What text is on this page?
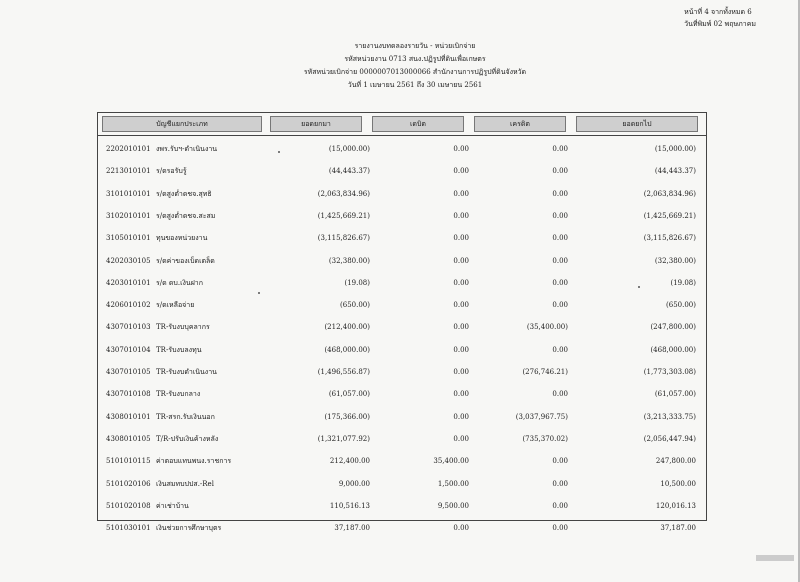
หน้าที่ 4 จากทั้งหมด 6
วันที่พิมพ์ 02 พฤษภาคม
รายงานงบทดลองรายวัน - หน่วยเบิกจ่าย
รหัสหน่วยงาน 0713 สนง.ปฏิรูปที่ดินเพื่อเกษตร
รหัสหน่วยเบิกจ่าย 0000007013000066 สำนักงานการปฏิรูปที่ดินจังหวัด
วันที่ 1 เมษายน 2561 ถึง 30 เมษายน 2561
บัญชีแยกประเภท	ยอดยกมา	เดบิต	เครดิต	ยอดยกไป
2202010101 งพร.รับฯ-ดำเนินงาน	(15,000.00)	0.00	0.00	(15,000.00)
2213010101 ร/ดรอรับรู้	(44,443.37)	0.00	0.00	(44,443.37)
3101010101 ร/ดสูงต่ำดชจ.สุทธิ	(2,063,834.96)	0.00	0.00	(2,063,834.96)
3102010101 ร/ดสูงต่ำดชจ.สะสม	(1,425,669.21)	0.00	0.00	(1,425,669.21)
3105010101 ทุนของหน่วยงาน	(3,115,826.67)	0.00	0.00	(3,115,826.67)
4202030105 ร/ดค่าของเบ็ดเตล็ด	(32,380.00)	0.00	0.00	(32,380.00)
4203010101 ร/ด ดบ.เงินฝาก	(19.08)	0.00	0.00	(19.08)
4206010102 ร/ดเหลือจ่าย	(650.00)	0.00	0.00	(650.00)
4307010103 TR-รับงบบุคลากร	(212,400.00)	0.00	(35,400.00)	(247,800.00)
4307010104 TR-รับงบลงทุน	(468,000.00)	0.00	0.00	(468,000.00)
4307010105 TR-รับงบดำเนินงาน	(1,496,556.87)	0.00	(276,746.21)	(1,773,303.08)
4307010108 TR-รับงบกลาง	(61,057.00)	0.00	0.00	(61,057.00)
4308010101 TR-สรก.รับเงินนอก	(175,366.00)	0.00	(3,037,967.75)	(3,213,333.75)
4308010105 T/R-ปรับเงินค้างหลัง	(1,321,077.92)	0.00	(735,370.02)	(2,056,447.94)
5101010115 ค่าตอบแทนพนง.ราชการ	212,400.00	35,400.00	0.00	247,800.00
5101020106 เงินสมทบปปส.-Rel	9,000.00	1,500.00	0.00	10,500.00
5101020108 ค่าเช่าบ้าน	110,516.13	9,500.00	0.00	120,016.13
5101030101 เงินช่วยการศึกษาบุตร	37,187.00	0.00	0.00	37,187.00
